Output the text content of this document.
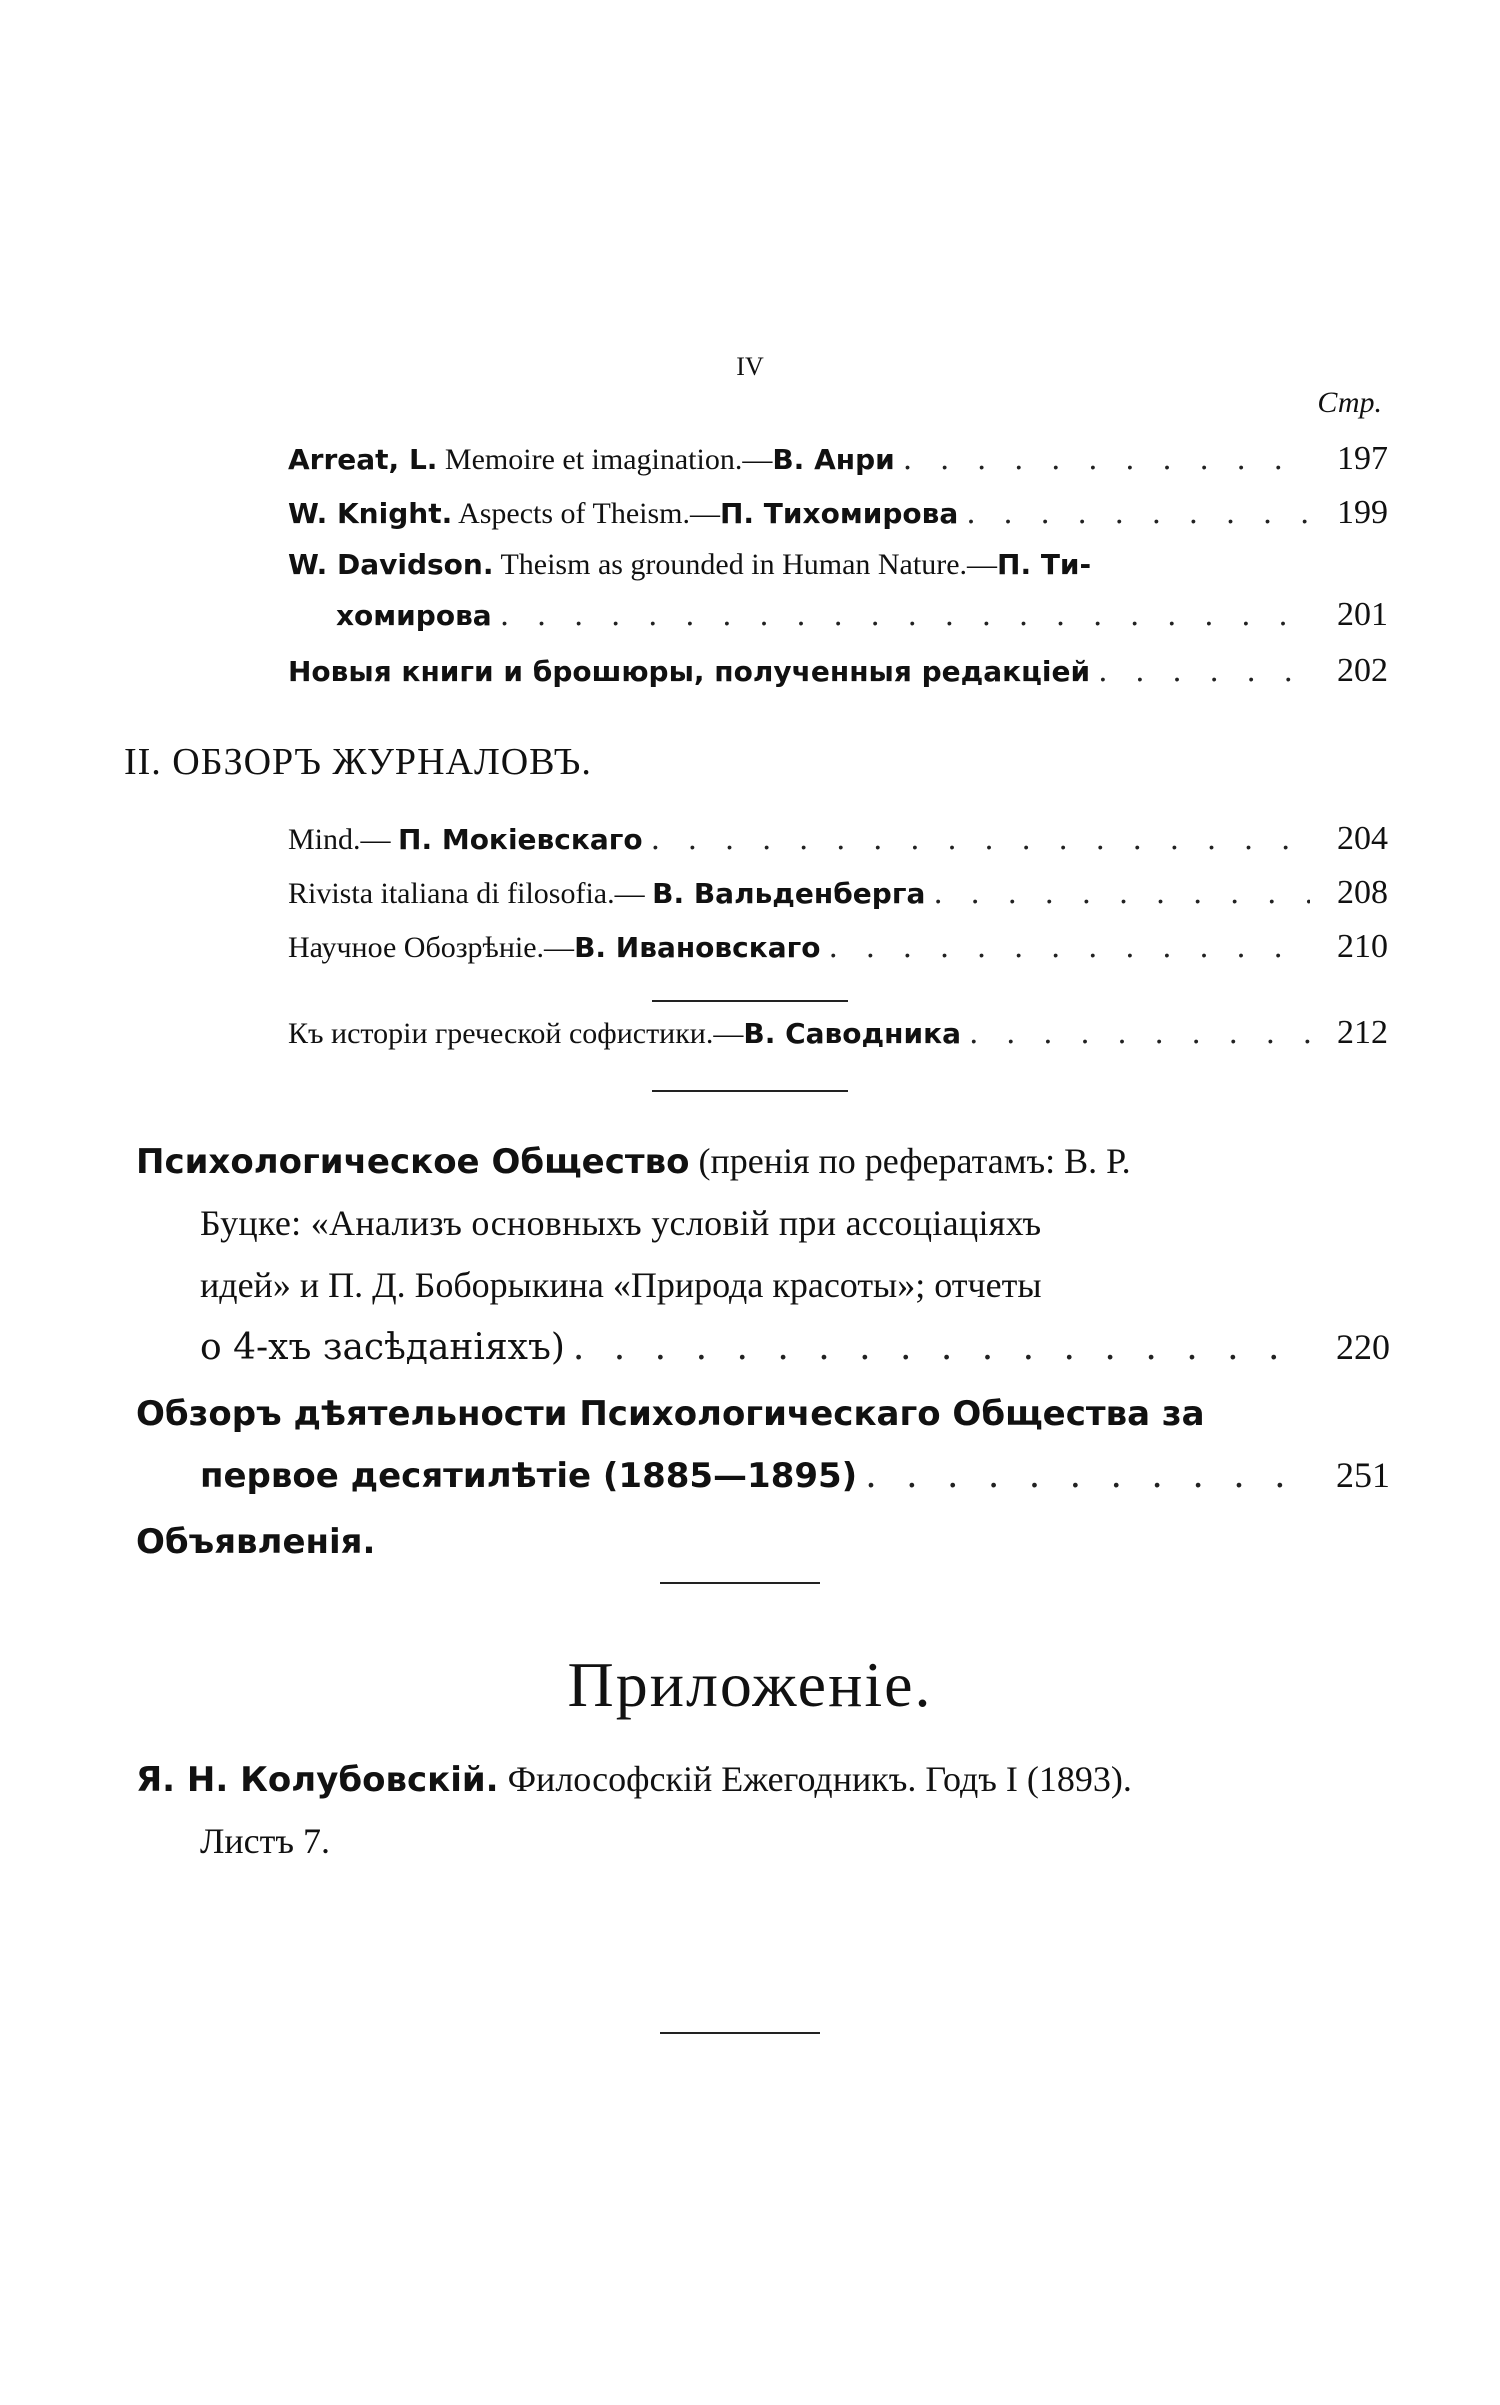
IV
Стр.
Arreat, L. Memoire et imagination.—В. Анри . . .	197
W. Knight. Aspects of Theism.—П. Тихомирова . . .	199
W. Davidson. Theism as grounded in Human Nature.—П. Ти-
хомирова . . .	201
Новыя книги и брошюры, полученныя редакціей . . .	202
II. ОБЗОРЪ ЖУРНАЛОВЪ.
Mind.— П. Мокіевскаго . . .	204
Rivista italiana di filosofia.— В. Вальденберга . . .	208
Научное Обозрѣніе.—В. Ивановскаго . . .	210
Къ исторіи греческой софистики.—В. Саводника . . .	212
Психологическое Общество (пренія по рефератамъ: В. Р.
Буцке: «Анализъ основныхъ условій при ассоціаціяхъ
идей» и П. Д. Боборыкина «Природа красоты»; отчеты
о 4-хъ засѣданіяхъ) . . .	220
Обзоръ дѣятельности Психологическаго Общества за
первое десятилѣтіе (1885—1895) . . .	251
Объявленія.
Приложеніе.
Я. Н. Колубовскій. Философскій Ежегодникъ. Годъ I (1893).
Листъ 7.
